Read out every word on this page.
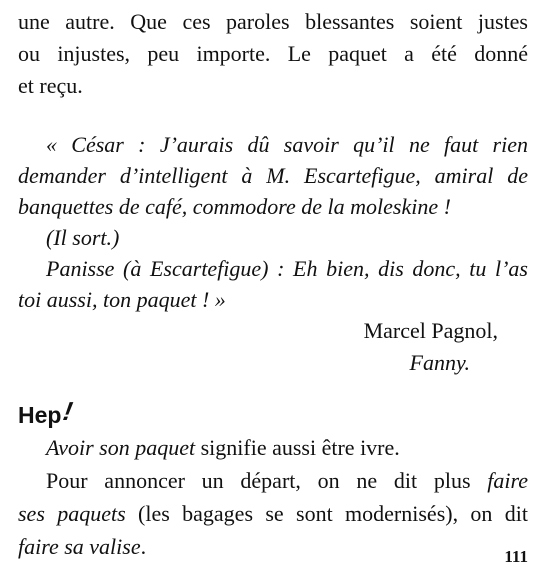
une autre. Que ces paroles blessantes soient justes
ou injustes, peu importe. Le paquet a été donné
et reçu.
« César : J’aurais dû savoir qu’il ne faut rien
demander d’intelligent à M. Escartefigue, amiral de
banquettes de café, commodore de la moleskine !
(Il sort.)
Panisse (à Escartefigue) : Eh bien, dis donc, tu l’as
toi aussi, ton paquet ! »
Marcel Pagnol,
Fanny.
Hep!
Avoir son paquet signifie aussi être ivre.
Pour annoncer un départ, on ne dit plus faire
ses paquets (les bagages se sont modernisés), on dit
faire sa valise.	111
